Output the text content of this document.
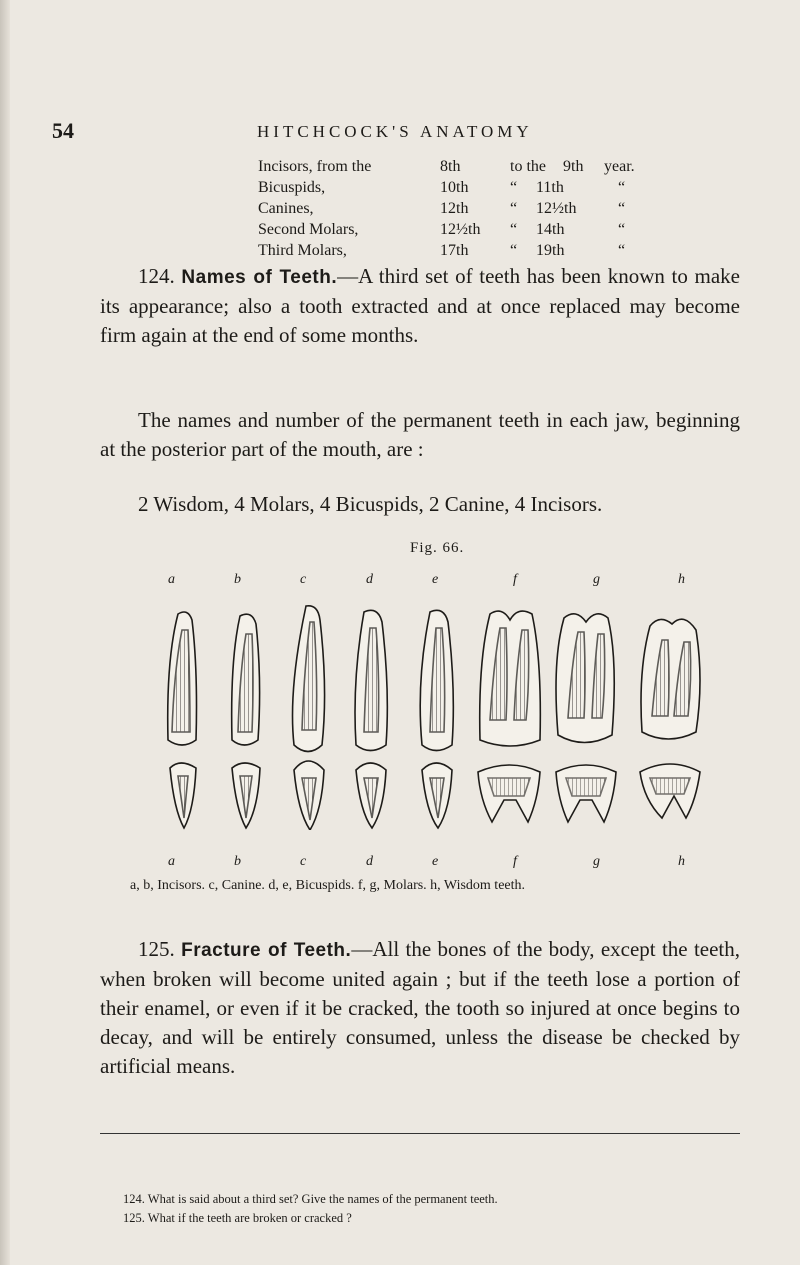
54	HITCHCOCK'S ANATOMY
Incisors, from the	8th	to the 9th year.
Bicuspids,	10th	“ 11th	“
Canines,	12th	“ 12½th	“
Second Molars,	12½th “ 14th	“
Third Molars,	17th	“ 19th	“

124. Names of Teeth.—A third set of teeth has been known to make its appearance; also a tooth extracted and at once replaced may become firm again at the end of some months.

The names and number of the permanent teeth in each jaw, beginning at the posterior part of the mouth, are :

2 Wisdom, 4 Molars, 4 Bicuspids, 2 Canine, 4 Incisors.
Fig. 66.
a	b	c	d	e	f	g	h
a	b	c	d	e	f	g	h
a, b, Incisors. c, Canine. d, e, Bicuspids. f, g, Molars. h, Wisdom teeth.

125. Fracture of Teeth.—All the bones of the body, except the teeth, when broken will become united again ; but if the teeth lose a portion of their enamel, or even if it be cracked, the tooth so injured at once begins to decay, and will be entirely consumed, unless the disease be checked by artificial means.

124. What is said about a third set? Give the names of the permanent teeth.
125. What if the teeth are broken or cracked ?
